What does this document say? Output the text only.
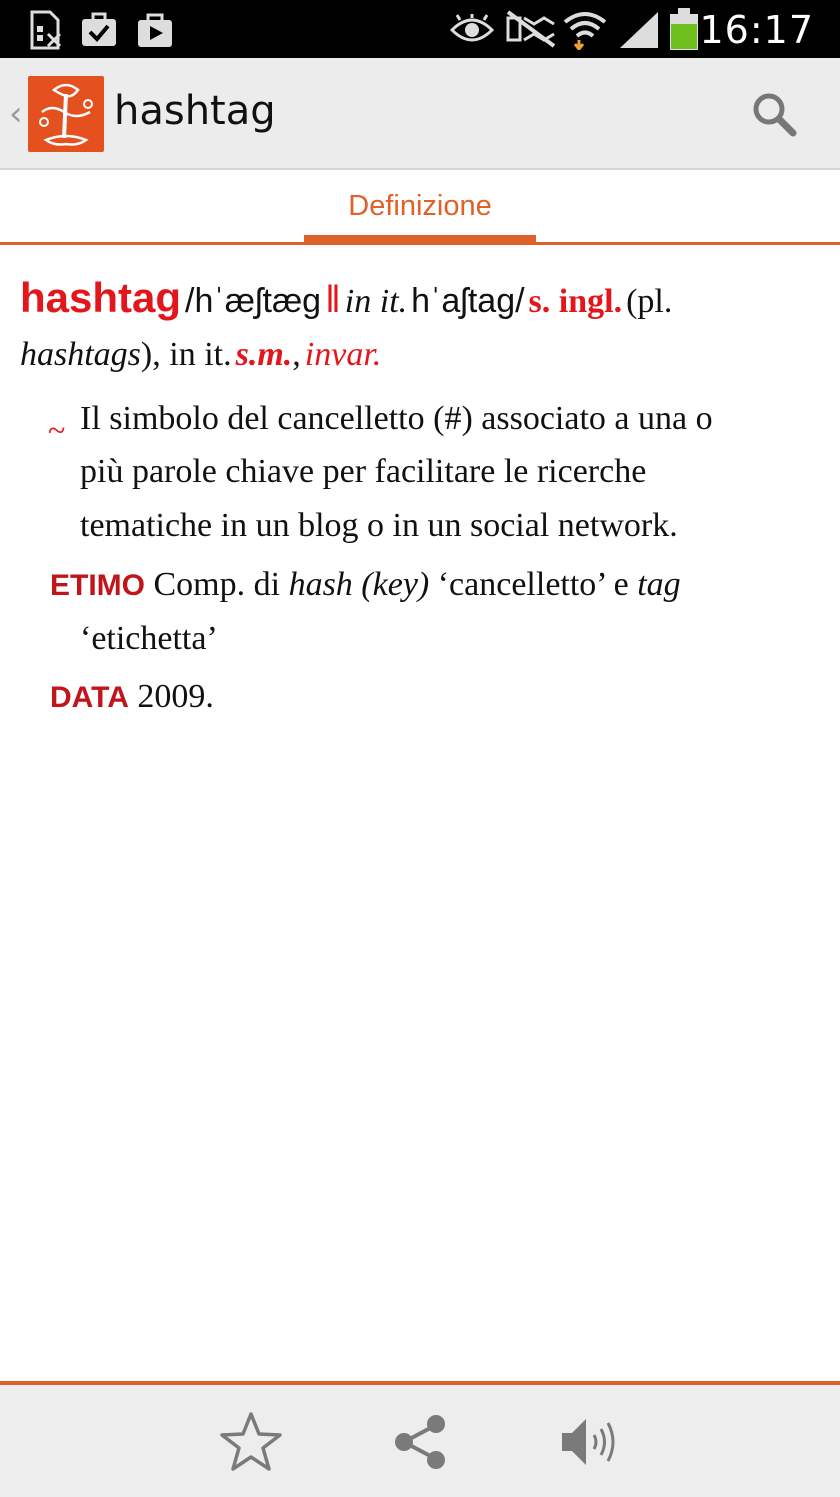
16:17
‹ hashtag
Definizione
hashtag /hˈæʃtæg ‖ in it. hˈaʃtag/ s. ingl. (pl.
hashtags), in it. s.m., invar.
~ Il simbolo del cancelletto (#) associato a una o
più parole chiave per facilitare le ricerche
tematiche in un blog o in un social network.
ETIMO Comp. di hash (key) ‘cancelletto’ e tag
‘etichetta’
DATA 2009.
